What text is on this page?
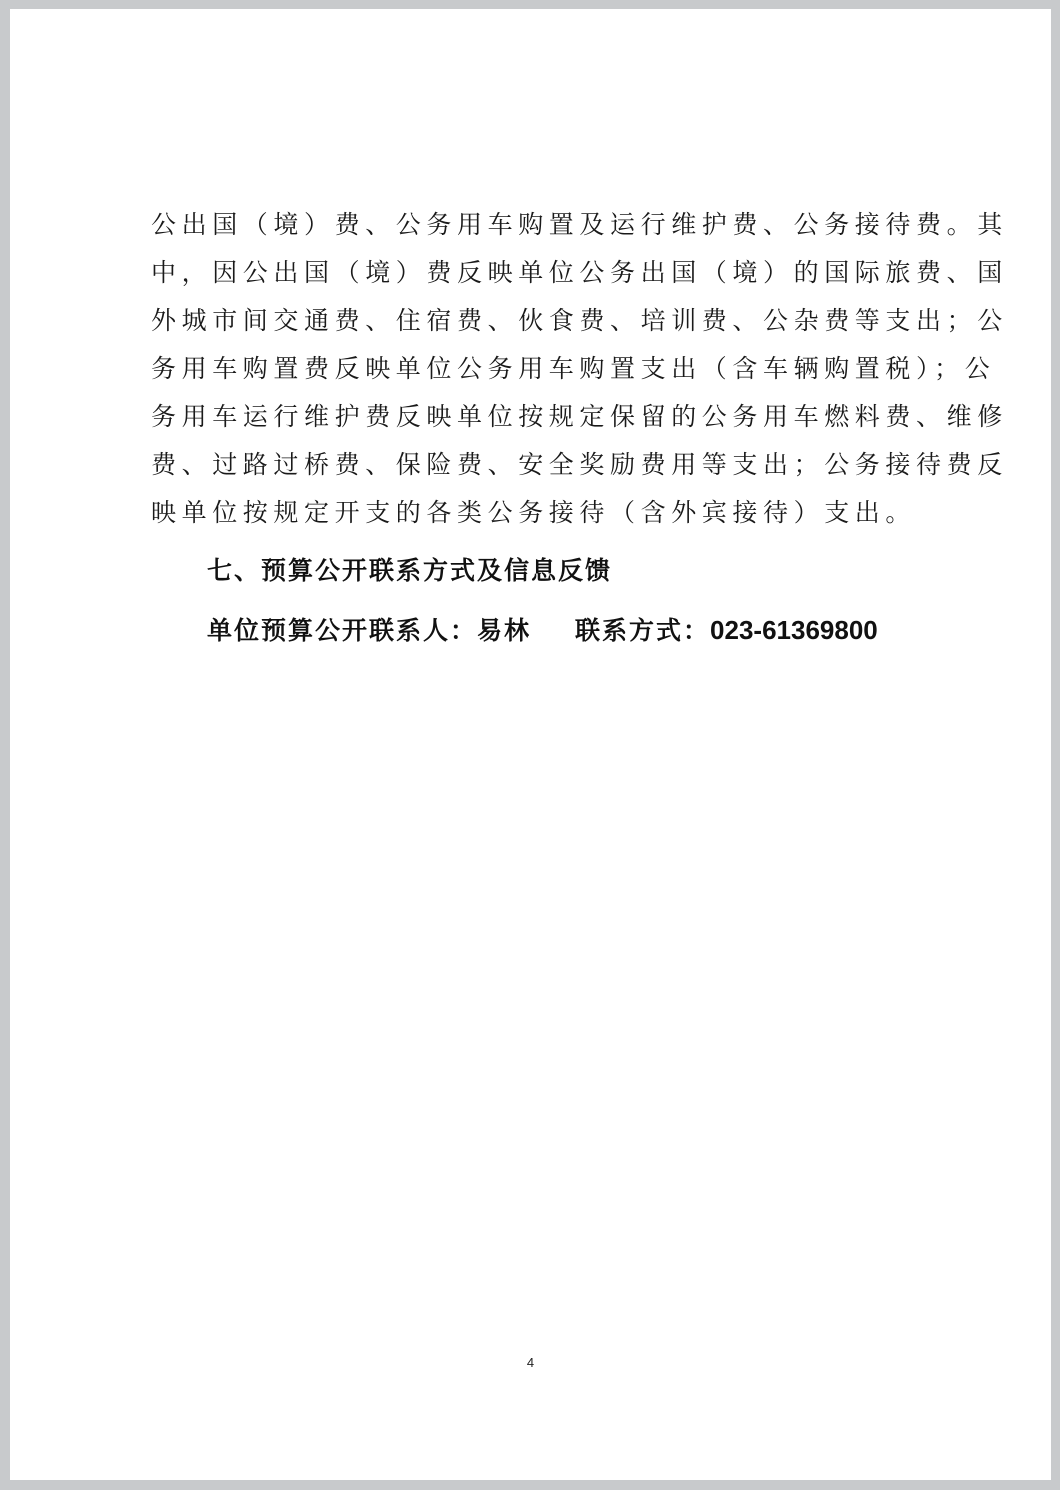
公出国（境）费、公务用车购置及运行维护费、公务接待费。其
中，因公出国（境）费反映单位公务出国（境）的国际旅费、国
外城市间交通费、住宿费、伙食费、培训费、公杂费等支出；公
务用车购置费反映单位公务用车购置支出（含车辆购置税）；公
务用车运行维护费反映单位按规定保留的公务用车燃料费、维修
费、过路过桥费、保险费、安全奖励费用等支出；公务接待费反
映单位按规定开支的各类公务接待（含外宾接待）支出。
七、预算公开联系方式及信息反馈

单位预算公开联系人：易林 联系方式：023-61369800

4
